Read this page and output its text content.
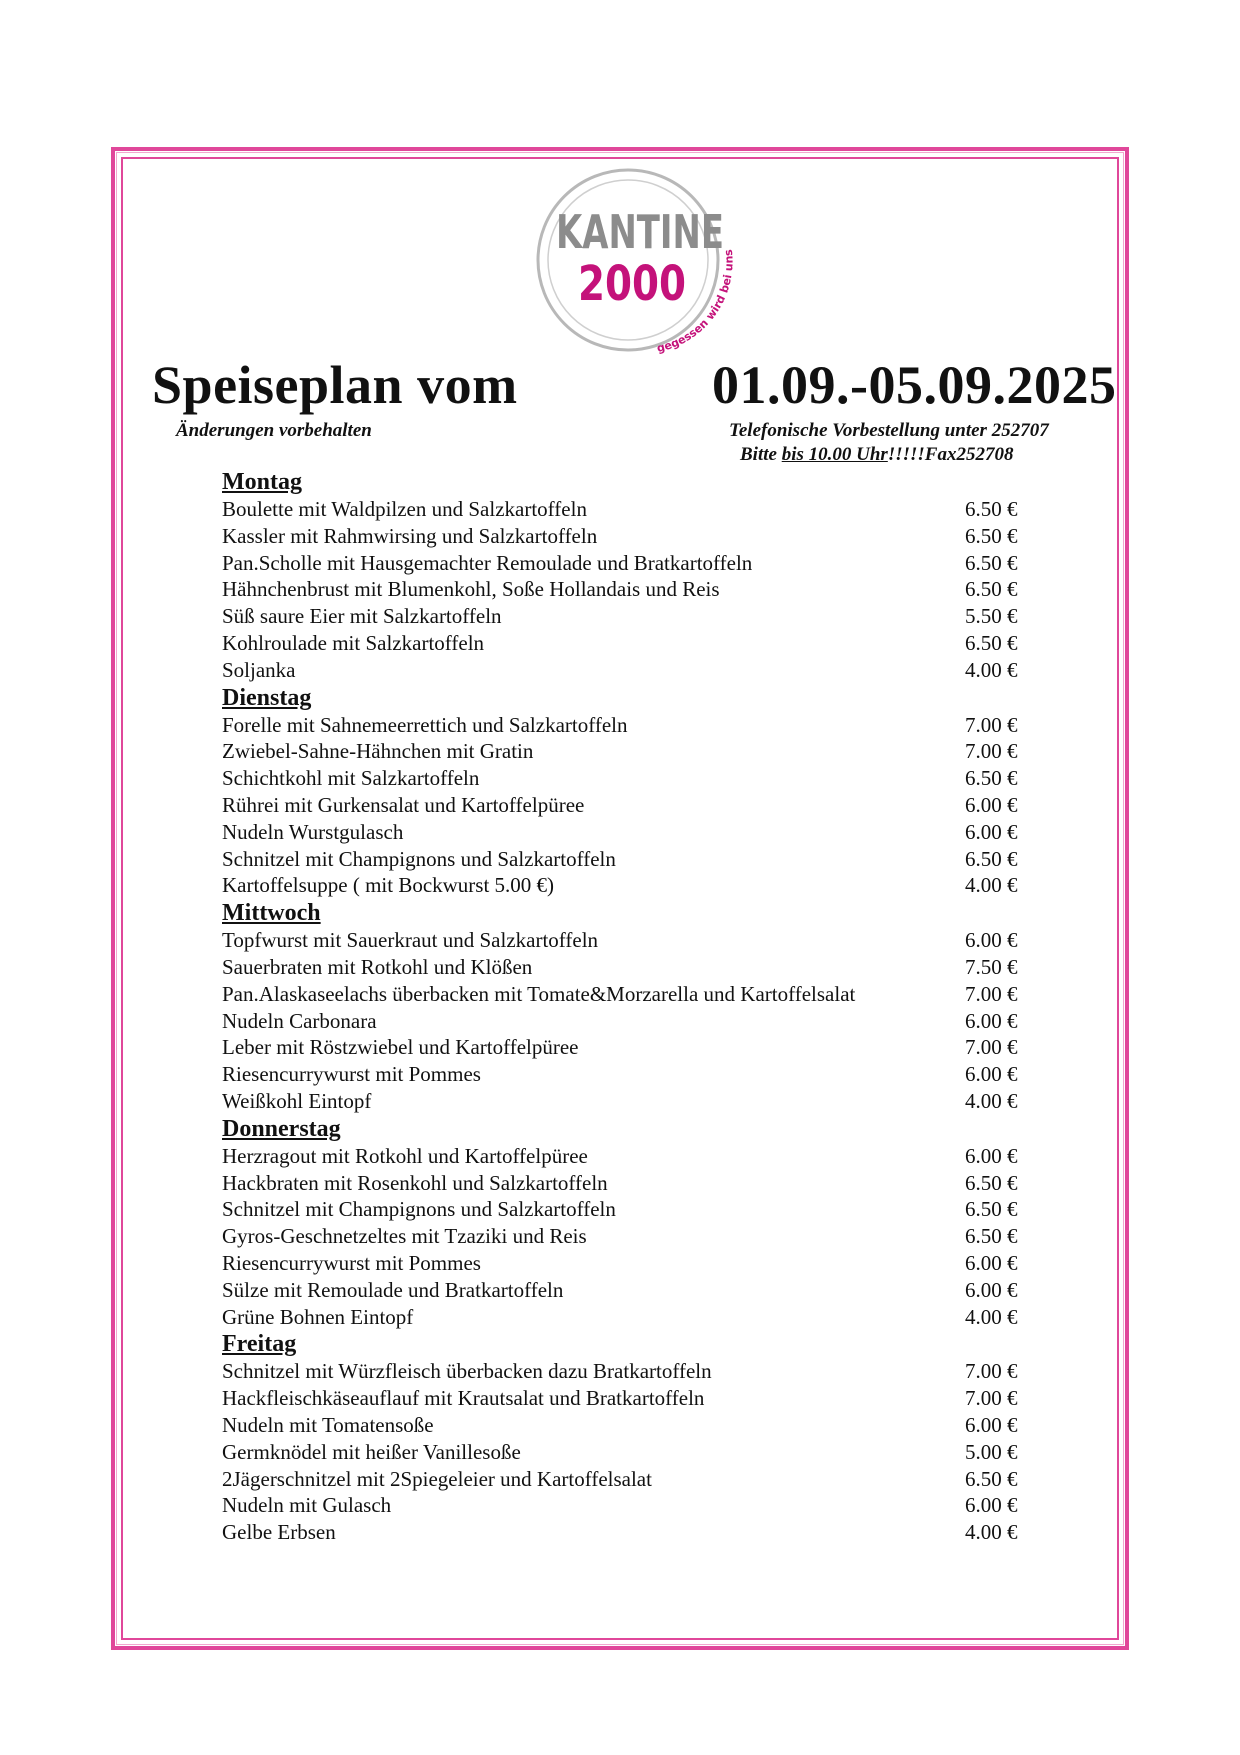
KANTINE
2000
gegessen wird bei uns
Speiseplan vom	01.09.-05.09.2025
Änderungen vorbehalten	Telefonische Vorbestellung unter 252707
Bitte bis 10.00 Uhr!!!!!Fax252708
Montag
Boulette mit Waldpilzen und Salzkartoffeln	6.50 €
Kassler mit Rahmwirsing und Salzkartoffeln	6.50 €
Pan.Scholle mit Hausgemachter Remoulade und Bratkartoffeln	6.50 €
Hähnchenbrust mit Blumenkohl, Soße Hollandais und Reis	6.50 €
Süß saure Eier mit Salzkartoffeln	5.50 €
Kohlroulade mit Salzkartoffeln	6.50 €
Soljanka	4.00 €
Dienstag
Forelle mit Sahnemeerrettich und Salzkartoffeln	7.00 €
Zwiebel-Sahne-Hähnchen mit Gratin	7.00 €
Schichtkohl mit Salzkartoffeln	6.50 €
Rührei mit Gurkensalat und Kartoffelpüree	6.00 €
Nudeln Wurstgulasch	6.00 €
Schnitzel mit Champignons und Salzkartoffeln	6.50 €
Kartoffelsuppe ( mit Bockwurst 5.00 €)	4.00 €
Mittwoch
Topfwurst mit Sauerkraut und Salzkartoffeln	6.00 €
Sauerbraten mit Rotkohl und Klößen	7.50 €
Pan.Alaskaseelachs überbacken mit Tomate&Morzarella und Kartoffelsalat	7.00 €
Nudeln Carbonara	6.00 €
Leber mit Röstzwiebel und Kartoffelpüree	7.00 €
Riesencurrywurst mit Pommes	6.00 €
Weißkohl Eintopf	4.00 €
Donnerstag
Herzragout mit Rotkohl und Kartoffelpüree	6.00 €
Hackbraten mit Rosenkohl und Salzkartoffeln	6.50 €
Schnitzel mit Champignons und Salzkartoffeln	6.50 €
Gyros-Geschnetzeltes mit Tzaziki und Reis	6.50 €
Riesencurrywurst mit Pommes	6.00 €
Sülze mit Remoulade und Bratkartoffeln	6.00 €
Grüne Bohnen Eintopf	4.00 €
Freitag
Schnitzel mit Würzfleisch überbacken dazu Bratkartoffeln	7.00 €
Hackfleischkäseauflauf mit Krautsalat und Bratkartoffeln	7.00 €
Nudeln mit Tomatensoße	6.00 €
Germknödel mit heißer Vanillesoße	5.00 €
2Jägerschnitzel mit 2Spiegeleier und Kartoffelsalat	6.50 €
Nudeln mit Gulasch	6.00 €
Gelbe Erbsen	4.00 €
